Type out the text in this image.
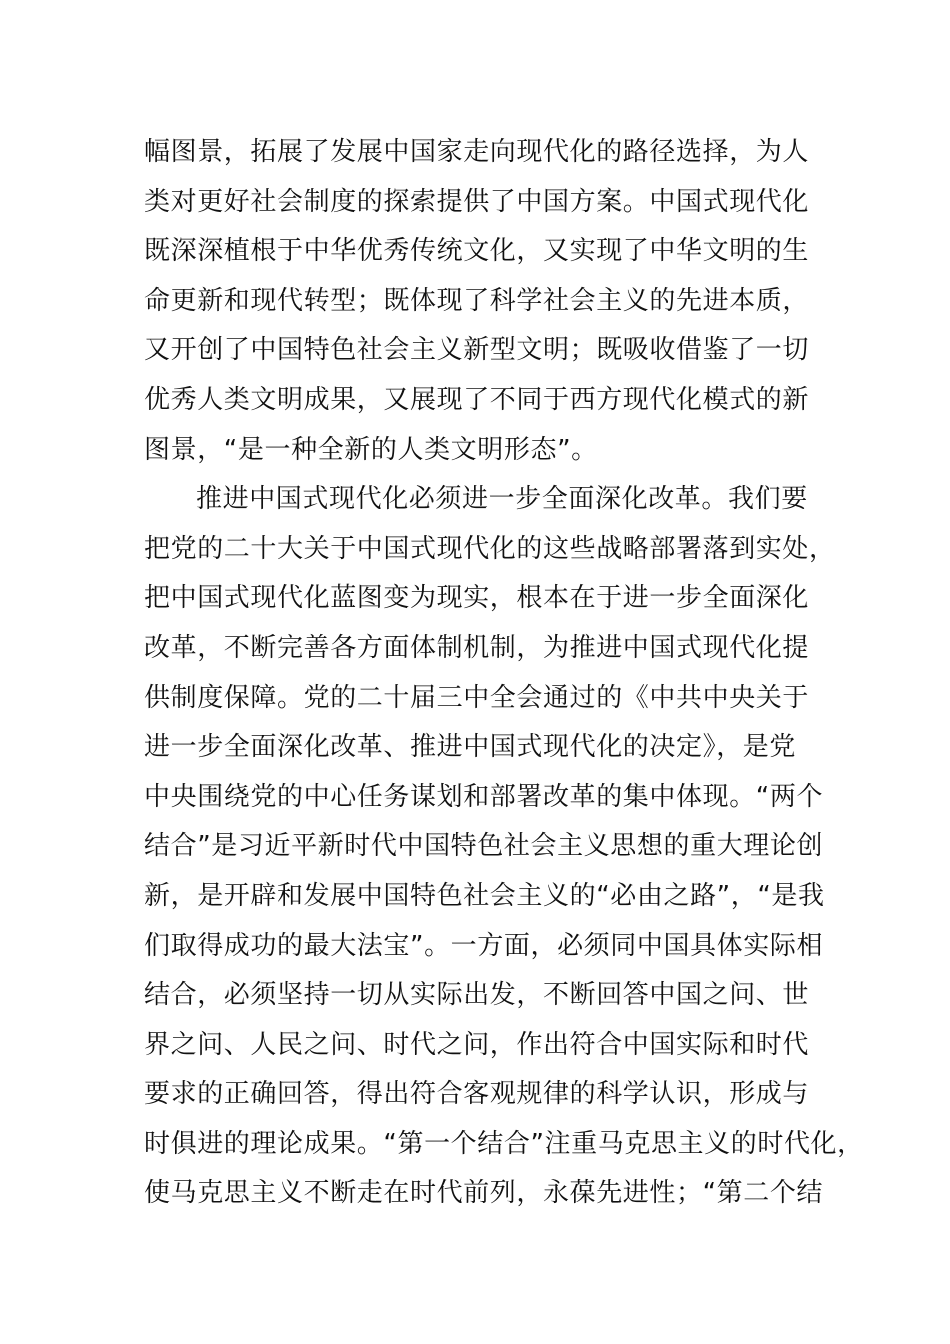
幅图景，拓展了发展中国家走向现代化的路径选择，为人
类对更好社会制度的探索提供了中国方案。中国式现代化
既深深植根于中华优秀传统文化，又实现了中华文明的生
命更新和现代转型；既体现了科学社会主义的先进本质，
又开创了中国特色社会主义新型文明；既吸收借鉴了一切
优秀人类文明成果，又展现了不同于西方现代化模式的新
图景，“是一种全新的人类文明形态”。
推进中国式现代化必须进一步全面深化改革。我们要
把党的二十大关于中国式现代化的这些战略部署落到实处，
把中国式现代化蓝图变为现实，根本在于进一步全面深化
改革，不断完善各方面体制机制，为推进中国式现代化提
供制度保障。党的二十届三中全会通过的《中共中央关于
进一步全面深化改革、推进中国式现代化的决定》，是党
中央围绕党的中心任务谋划和部署改革的集中体现。“两个
结合”是习近平新时代中国特色社会主义思想的重大理论创
新，是开辟和发展中国特色社会主义的“必由之路”，“是我
们取得成功的最大法宝”。一方面，必须同中国具体实际相
结合，必须坚持一切从实际出发，不断回答中国之问、世
界之问、人民之问、时代之问，作出符合中国实际和时代
要求的正确回答，得出符合客观规律的科学认识，形成与
时俱进的理论成果。“第一个结合”注重马克思主义的时代化，
使马克思主义不断走在时代前列，永葆先进性；“第二个结
